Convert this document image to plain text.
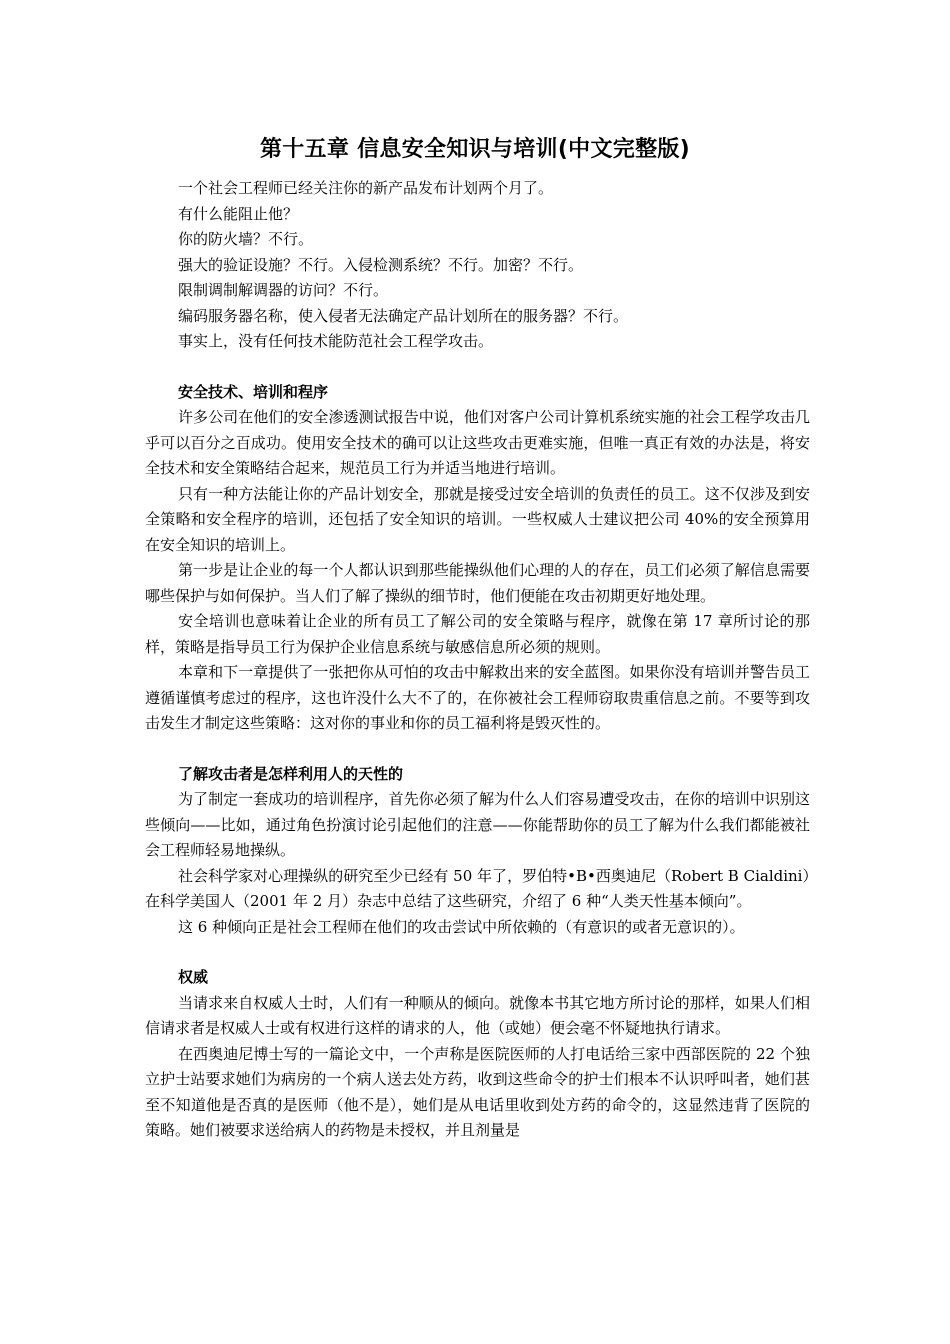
第十五章 信息安全知识与培训(中文完整版)

一个社会工程师已经关注你的新产品发布计划两个月了。

有什么能阻止他？

你的防火墙？不行。

强大的验证设施？不行。入侵检测系统？不行。加密？不行。

限制调制解调器的访问？不行。

编码服务器名称，使入侵者无法确定产品计划所在的服务器？不行。

事实上，没有任何技术能防范社会工程学攻击。

安全技术、培训和程序

许多公司在他们的安全渗透测试报告中说，他们对客户公司计算机系统实施的社会工程学攻击几乎可以百分之百成功。使用安全技术的确可以让这些攻击更难实施，但唯一真正有效的办法是，将安全技术和安全策略结合起来，规范员工行为并适当地进行培训。

只有一种方法能让你的产品计划安全，那就是接受过安全培训的负责任的员工。这不仅涉及到安全策略和安全程序的培训，还包括了安全知识的培训。一些权威人士建议把公司 40%的安全预算用在安全知识的培训上。

第一步是让企业的每一个人都认识到那些能操纵他们心理的人的存在，员工们必须了解信息需要哪些保护与如何保护。当人们了解了操纵的细节时，他们便能在攻击初期更好地处理。

安全培训也意味着让企业的所有员工了解公司的安全策略与程序，就像在第 17 章所讨论的那样，策略是指导员工行为保护企业信息系统与敏感信息所必须的规则。

本章和下一章提供了一张把你从可怕的攻击中解救出来的安全蓝图。如果你没有培训并警告员工遵循谨慎考虑过的程序，这也许没什么大不了的，在你被社会工程师窃取贵重信息之前。不要等到攻击发生才制定这些策略：这对你的事业和你的员工福利将是毁灭性的。

了解攻击者是怎样利用人的天性的

为了制定一套成功的培训程序，首先你必须了解为什么人们容易遭受攻击，在你的培训中识别这些倾向——比如，通过角色扮演讨论引起他们的注意——你能帮助你的员工了解为什么我们都能被社会工程师轻易地操纵。

社会科学家对心理操纵的研究至少已经有 50 年了，罗伯特•B•西奥迪尼（Robert B Cialdini）在科学美国人（2001 年 2 月）杂志中总结了这些研究，介绍了 6 种“人类天性基本倾向”。

这 6 种倾向正是社会工程师在他们的攻击尝试中所依赖的（有意识的或者无意识的）。

权威

当请求来自权威人士时，人们有一种顺从的倾向。就像本书其它地方所讨论的那样，如果人们相信请求者是权威人士或有权进行这样的请求的人，他（或她）便会毫不怀疑地执行请求。

在西奥迪尼博士写的一篇论文中，一个声称是医院医师的人打电话给三家中西部医院的 22 个独立护士站要求她们为病房的一个病人送去处方药，收到这些命令的护士们根本不认识呼叫者，她们甚至不知道他是否真的是医师（他不是），她们是从电话里收到处方药的命令的，这显然违背了医院的策略。她们被要求送给病人的药物是未授权，并且剂量是
